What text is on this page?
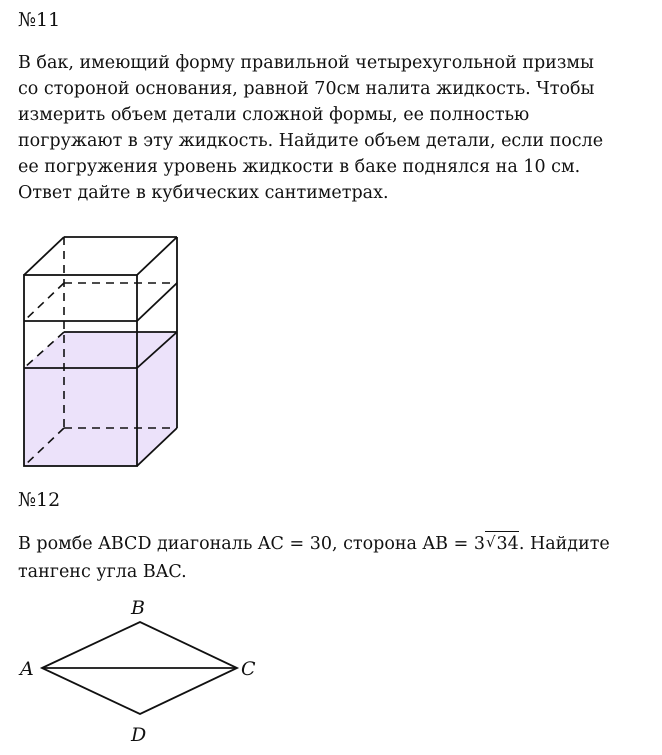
№11
В бак, имеющий форму правильной четырехугольной призмы
со стороной основания, равной 70см налита жидкость. Чтобы
измерить объем детали сложной формы, ее полностью
погружают в эту жидкость. Найдите объем детали, если после
ее погружения уровень жидкости в баке поднялся на 10 см.
Ответ дайте в кубических сантиметрах.
№12
В ромбе ABCD диагональ AC = 30, сторона AB = 3√34. Найдите
тангенс угла BAC.
A
B
C
D
